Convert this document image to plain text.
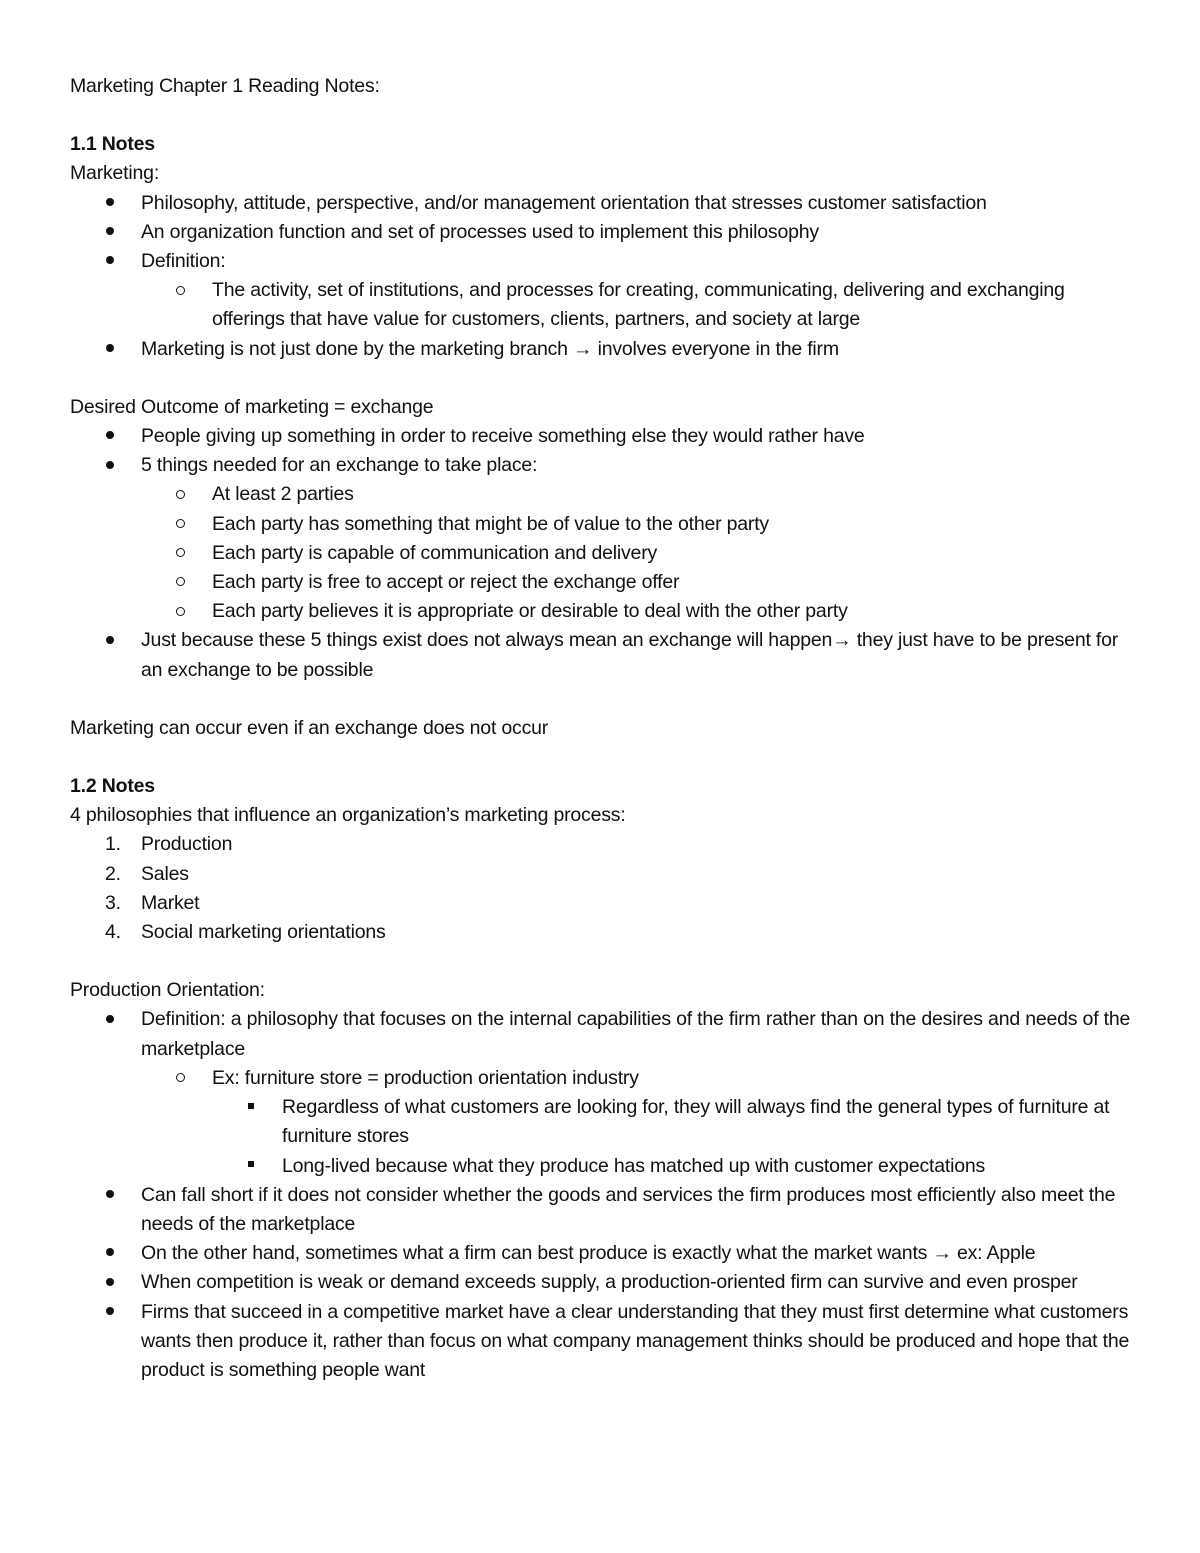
Marketing Chapter 1 Reading Notes:

1.1 Notes

Marketing:

Philosophy, attitude, perspective, and/or management orientation that stresses customer satisfaction
An organization function and set of processes used to implement this philosophy
Definition:
The activity, set of institutions, and processes for creating, communicating, delivering and exchanging offerings that have value for customers, clients, partners, and society at large
Marketing is not just done by the marketing branch → involves everyone in the firm

Desired Outcome of marketing = exchange

People giving up something in order to receive something else they would rather have
5 things needed for an exchange to take place:
At least 2 parties
Each party has something that might be of value to the other party
Each party is capable of communication and delivery
Each party is free to accept or reject the exchange offer
Each party believes it is appropriate or desirable to deal with the other party
Just because these 5 things exist does not always mean an exchange will happen→ they just have to be present for an exchange to be possible

Marketing can occur even if an exchange does not occur

1.2 Notes

4 philosophies that influence an organization’s marketing process:

1. Production
2. Sales
3. Market
4. Social marketing orientations

Production Orientation:

Definition: a philosophy that focuses on the internal capabilities of the firm rather than on the desires and needs of the marketplace
Ex: furniture store = production orientation industry
Regardless of what customers are looking for, they will always find the general types of furniture at furniture stores
Long-lived because what they produce has matched up with customer expectations
Can fall short if it does not consider whether the goods and services the firm produces most efficiently also meet the needs of the marketplace
On the other hand, sometimes what a firm can best produce is exactly what the market wants → ex: Apple
When competition is weak or demand exceeds supply, a production-oriented firm can survive and even prosper
Firms that succeed in a competitive market have a clear understanding that they must first determine what customers wants then produce it, rather than focus on what company management thinks should be produced and hope that the product is something people want
